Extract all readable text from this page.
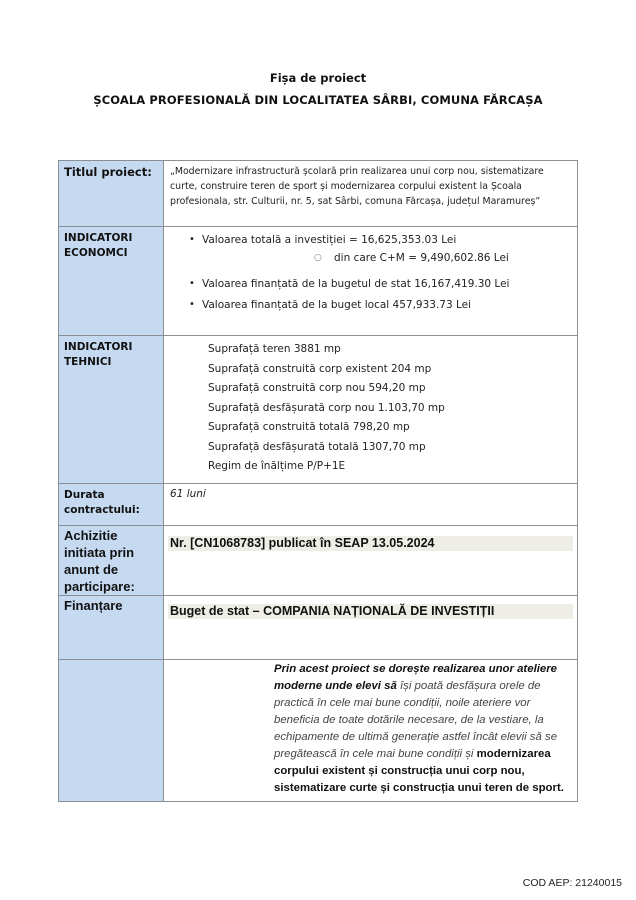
Fișa de proiect
ȘCOALA PROFESIONALĂ DIN LOCALITATEA SÂRBI, COMUNA FĂRCAȘA
Titlul proiect:	„Modernizare infrastructură școlară prin realizarea unui corp nou, sistematizare curte, construire teren de sport și modernizarea corpului existent la Școala profesionala, str. Culturii, nr. 5, sat Sârbi, comuna Fărcașa, județul Maramureș”

INDICATORI
ECONOMCI

• Valoarea totală a investiției = 16,625,353.03 Lei
○ din care C+M = 9,490,602.86 Lei
• Valoarea finanțată de la bugetul de stat 16,167,419.30 Lei
• Valoarea finanțată de la buget local 457,933.73 Lei

INDICATORI
TEHNICI

Suprafață teren 3881 mp
Suprafață construită corp existent 204 mp
Suprafață construită corp nou 594,20 mp
Suprafață desfășurată corp nou 1.103,70 mp
Suprafață construită totală 798,20 mp
Suprafață desfășurată totală 1307,70 mp
Regim de înălțime P/P+1E

Durata
contractului:	61 luni

Achizitie
initiata prin
anunt de
participare:	Nr. [CN1068783] publicat în SEAP 13.05.2024

Finanțare	Buget de stat – COMPANIA NAȚIONALĂ DE INVESTIȚII

	Prin acest proiect se dorește realizarea unor ateliere moderne unde elevi să își poată desfășura orele de practică în cele mai bune condiții, noile ateriere vor beneficia de toate dotările necesare, de la vestiare, la echipamente de ultimă generație astfel încât elevii să se pregătească în cele mai bune condiții și modernizarea corpului existent și construcția unui corp nou, sistematizare curte și construcția unui teren de sport.
COD AEP: 21240015
